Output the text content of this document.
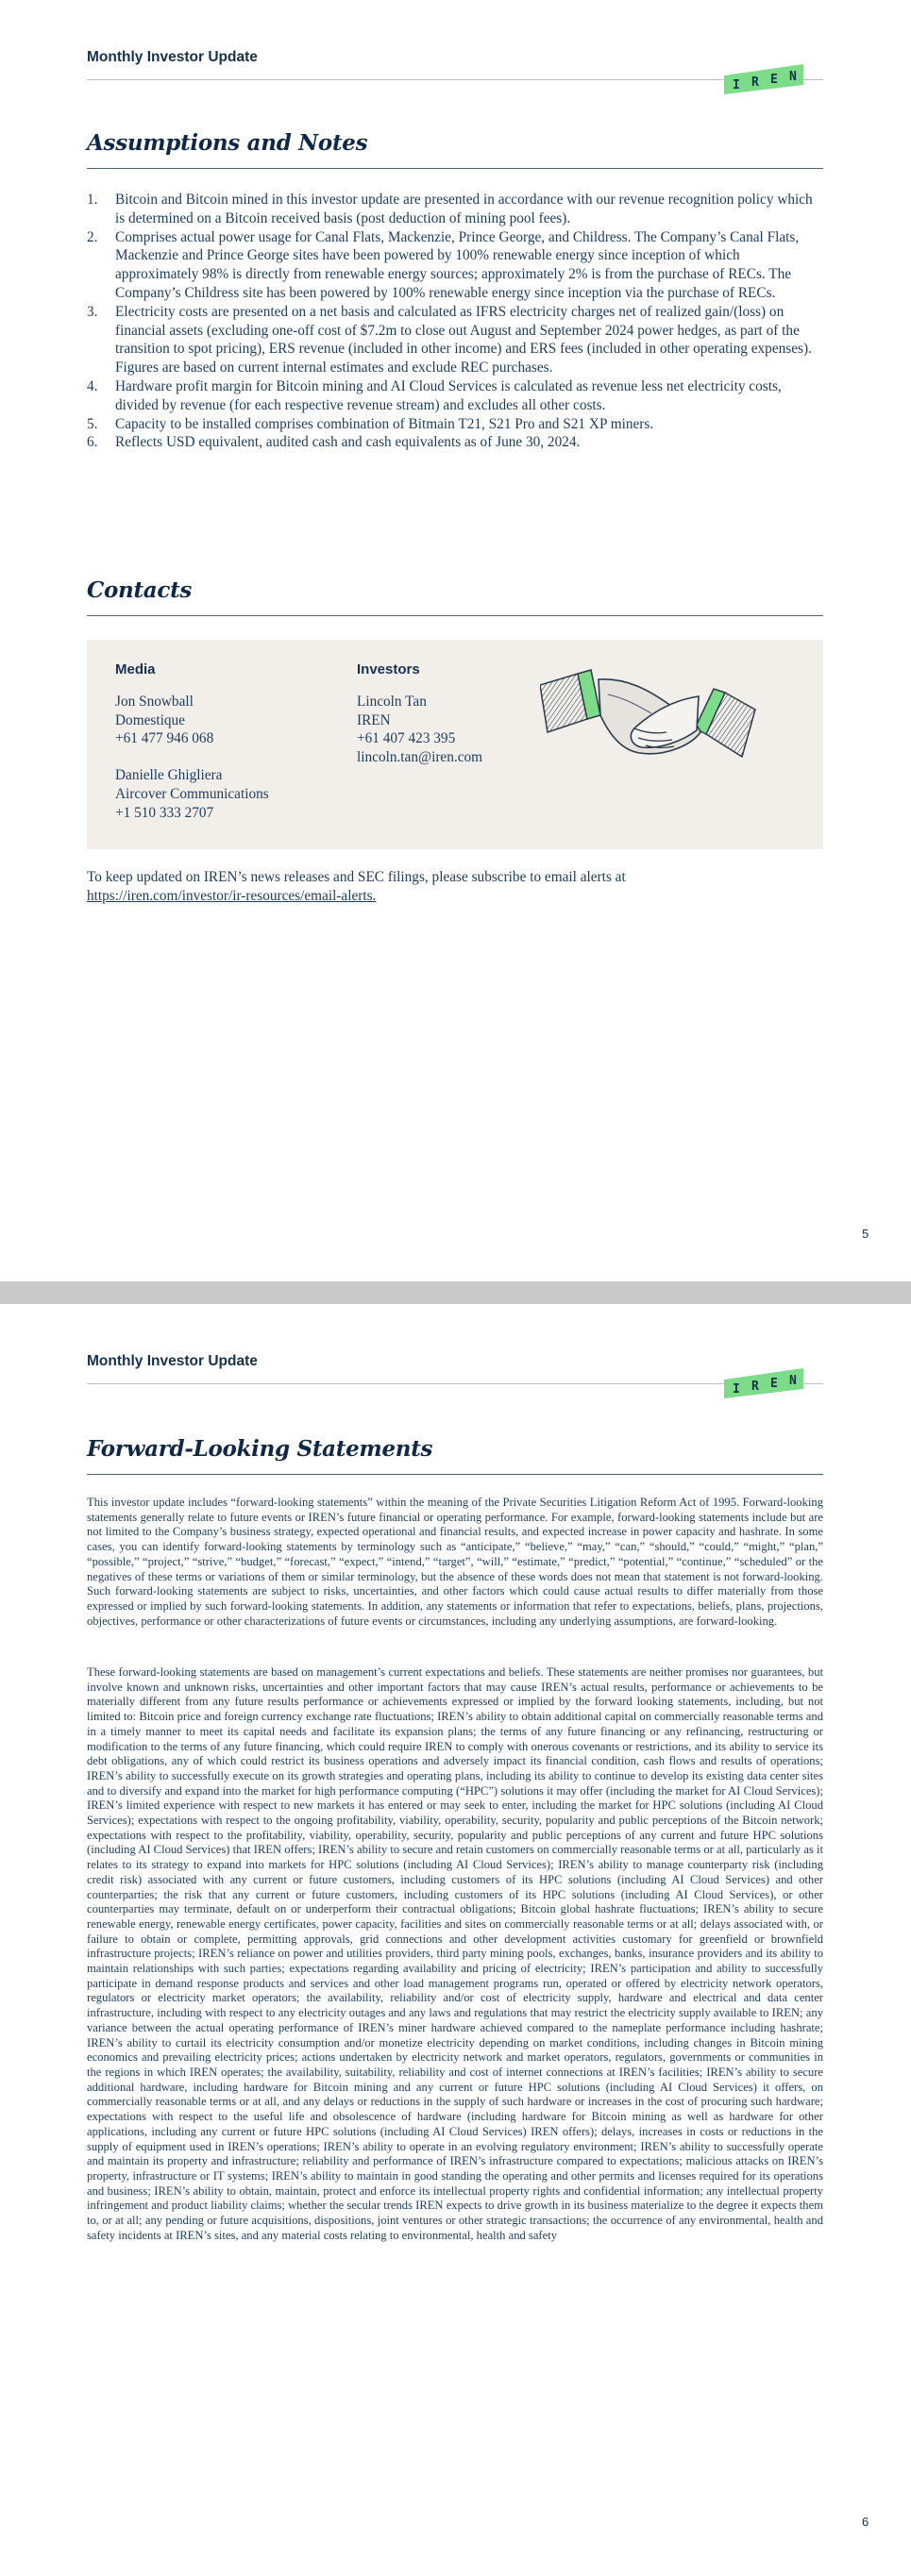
Monthly Investor Update
I R E N
Assumptions and Notes
1.	Bitcoin and Bitcoin mined in this investor update are presented in accordance with our revenue recognition policy which is determined on a Bitcoin received basis (post deduction of mining pool fees).
2.	Comprises actual power usage for Canal Flats, Mackenzie, Prince George, and Childress. The Company’s Canal Flats, Mackenzie and Prince George sites have been powered by 100% renewable energy since inception of which approximately 98% is directly from renewable energy sources; approximately 2% is from the purchase of RECs. The Company’s Childress site has been powered by 100% renewable energy since inception via the purchase of RECs.
3.	Electricity costs are presented on a net basis and calculated as IFRS electricity charges net of realized gain/(loss) on financial assets (excluding one-off cost of $7.2m to close out August and September 2024 power hedges, as part of the transition to spot pricing), ERS revenue (included in other income) and ERS fees (included in other operating expenses). Figures are based on current internal estimates and exclude REC purchases.
4.	Hardware profit margin for Bitcoin mining and AI Cloud Services is calculated as revenue less net electricity costs, divided by revenue (for each respective revenue stream) and excludes all other costs.
5.	Capacity to be installed comprises combination of Bitmain T21, S21 Pro and S21 XP miners.
6.	Reflects USD equivalent, audited cash and cash equivalents as of June 30, 2024.
Contacts
Media
Jon Snowball
Domestique
+61 477 946 068
Danielle Ghigliera
Aircover Communications
+1 510 333 2707
Investors
Lincoln Tan
IREN
+61 407 423 395
lincoln.tan@iren.com
To keep updated on IREN’s news releases and SEC filings, please subscribe to email alerts at
https://iren.com/investor/ir-resources/email-alerts.
5
Monthly Investor Update
I R E N
Forward-Looking Statements

This investor update includes “forward-looking statements” within the meaning of the Private Securities Litigation Reform Act of 1995. Forward-looking statements generally relate to future events or IREN’s future financial or operating performance. For example, forward-looking statements include but are not limited to the Company’s business strategy, expected operational and financial results, and expected increase in power capacity and hashrate. In some cases, you can identify forward-looking statements by terminology such as “anticipate,” “believe,” “may,” “can,” “should,” “could,” “might,” “plan,” “possible,” “project,” “strive,” “budget,” “forecast,” “expect,” “intend,” “target”, “will,” “estimate,” “predict,” “potential,” “continue,” “scheduled” or the negatives of these terms or variations of them or similar terminology, but the absence of these words does not mean that statement is not forward-looking. Such forward-looking statements are subject to risks, uncertainties, and other factors which could cause actual results to differ materially from those expressed or implied by such forward-looking statements. In addition, any statements or information that refer to expectations, beliefs, plans, projections, objectives, performance or other characterizations of future events or circumstances, including any underlying assumptions, are forward-looking.

These forward-looking statements are based on management’s current expectations and beliefs. These statements are neither promises nor guarantees, but involve known and unknown risks, uncertainties and other important factors that may cause IREN’s actual results, performance or achievements to be materially different from any future results performance or achievements expressed or implied by the forward looking statements, including, but not limited to: Bitcoin price and foreign currency exchange rate fluctuations; IREN’s ability to obtain additional capital on commercially reasonable terms and in a timely manner to meet its capital needs and facilitate its expansion plans; the terms of any future financing or any refinancing, restructuring or modification to the terms of any future financing, which could require IREN to comply with onerous covenants or restrictions, and its ability to service its debt obligations, any of which could restrict its business operations and adversely impact its financial condition, cash flows and results of operations; IREN’s ability to successfully execute on its growth strategies and operating plans, including its ability to continue to develop its existing data center sites and to diversify and expand into the market for high performance computing (“HPC”) solutions it may offer (including the market for AI Cloud Services); IREN’s limited experience with respect to new markets it has entered or may seek to enter, including the market for HPC solutions (including AI Cloud Services); expectations with respect to the ongoing profitability, viability, operability, security, popularity and public perceptions of the Bitcoin network; expectations with respect to the profitability, viability, operability, security, popularity and public perceptions of any current and future HPC solutions (including AI Cloud Services) that IREN offers; IREN’s ability to secure and retain customers on commercially reasonable terms or at all, particularly as it relates to its strategy to expand into markets for HPC solutions (including AI Cloud Services); IREN’s ability to manage counterparty risk (including credit risk) associated with any current or future customers, including customers of its HPC solutions (including AI Cloud Services) and other counterparties; the risk that any current or future customers, including customers of its HPC solutions (including AI Cloud Services), or other counterparties may terminate, default on or underperform their contractual obligations; Bitcoin global hashrate fluctuations; IREN’s ability to secure renewable energy, renewable energy certificates, power capacity, facilities and sites on commercially reasonable terms or at all; delays associated with, or failure to obtain or complete, permitting approvals, grid connections and other development activities customary for greenfield or brownfield infrastructure projects; IREN’s reliance on power and utilities providers, third party mining pools, exchanges, banks, insurance providers and its ability to maintain relationships with such parties; expectations regarding availability and pricing of electricity; IREN’s participation and ability to successfully participate in demand response products and services and other load management programs run, operated or offered by electricity network operators, regulators or electricity market operators; the availability, reliability and/or cost of electricity supply, hardware and electrical and data center infrastructure, including with respect to any electricity outages and any laws and regulations that may restrict the electricity supply available to IREN; any variance between the actual operating performance of IREN’s miner hardware achieved compared to the nameplate performance including hashrate; IREN’s ability to curtail its electricity consumption and/or monetize electricity depending on market conditions, including changes in Bitcoin mining economics and prevailing electricity prices; actions undertaken by electricity network and market operators, regulators, governments or communities in the regions in which IREN operates; the availability, suitability, reliability and cost of internet connections at IREN’s facilities; IREN’s ability to secure additional hardware, including hardware for Bitcoin mining and any current or future HPC solutions (including AI Cloud Services) it offers, on commercially reasonable terms or at all, and any delays or reductions in the supply of such hardware or increases in the cost of procuring such hardware; expectations with respect to the useful life and obsolescence of hardware (including hardware for Bitcoin mining as well as hardware for other applications, including any current or future HPC solutions (including AI Cloud Services) IREN offers); delays, increases in costs or reductions in the supply of equipment used in IREN’s operations; IREN’s ability to operate in an evolving regulatory environment; IREN’s ability to successfully operate and maintain its property and infrastructure; reliability and performance of IREN’s infrastructure compared to expectations; malicious attacks on IREN’s property, infrastructure or IT systems; IREN’s ability to maintain in good standing the operating and other permits and licenses required for its operations and business; IREN’s ability to obtain, maintain, protect and enforce its intellectual property rights and confidential information; any intellectual property infringement and product liability claims; whether the secular trends IREN expects to drive growth in its business materialize to the degree it expects them to, or at all; any pending or future acquisitions, dispositions, joint ventures or other strategic transactions; the occurrence of any environmental, health and safety incidents at IREN’s sites, and any material costs relating to environmental, health and safety

6
